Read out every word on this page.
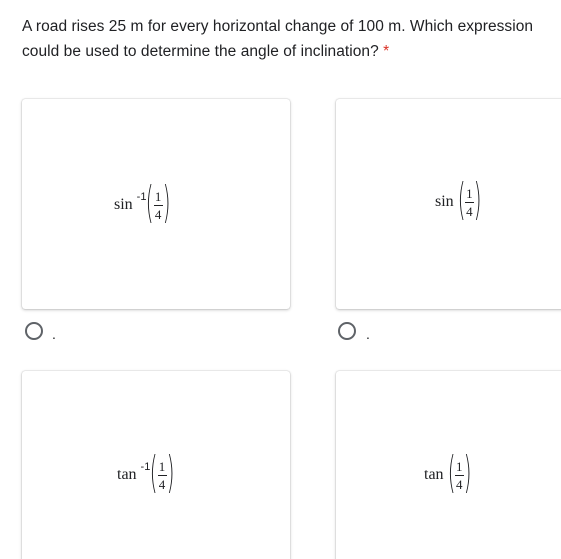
A road rises 25 m for every horizontal change of 100 m. Which expression could be used to determine the angle of inclination? *
sin -1 (
$\frac{1}{4}$
)	sin (
$\frac{1}{4}$
)
.	.
tan -1 (
$\frac{1}{4}$
)	tan (
$\frac{1}{4}$
)
